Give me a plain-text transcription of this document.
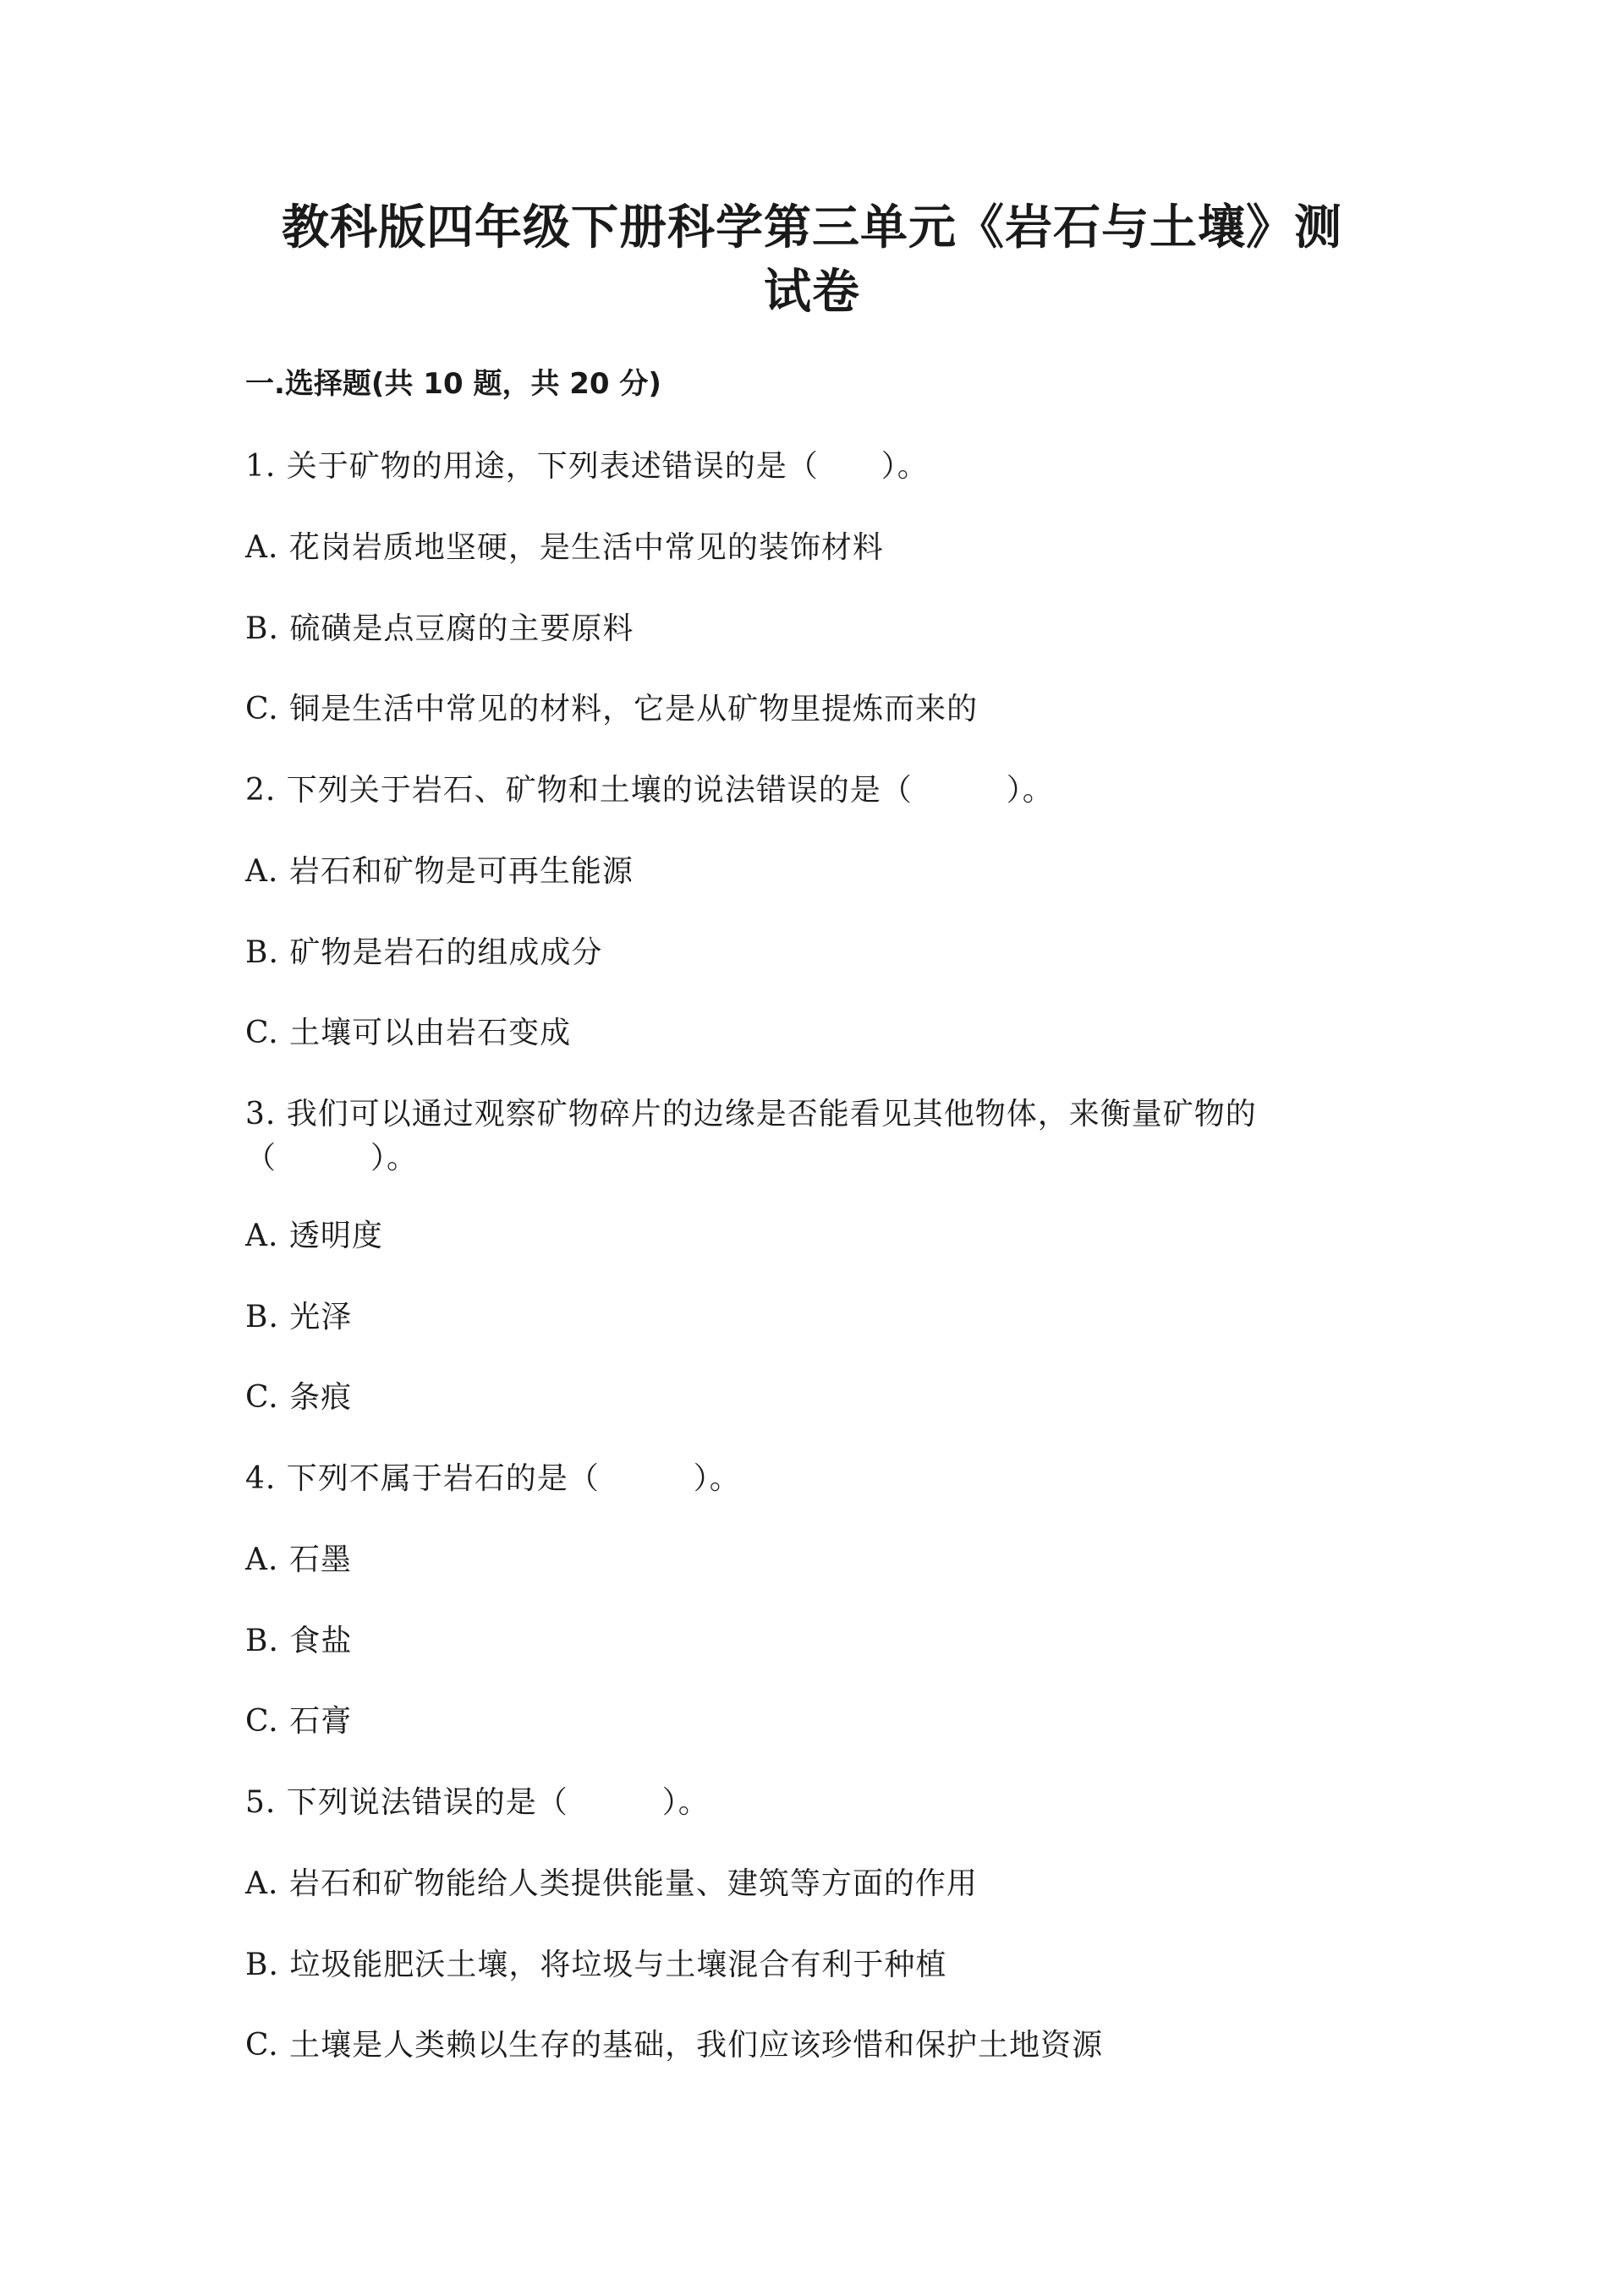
教科版四年级下册科学第三单元《岩石与土壤》测
试卷
一.选择题(共 10 题，共 20 分)
1. 关于矿物的用途，下列表述错误的是（　　）。
A. 花岗岩质地坚硬，是生活中常见的装饰材料
B. 硫磺是点豆腐的主要原料
C. 铜是生活中常见的材料，它是从矿物里提炼而来的
2. 下列关于岩石、矿物和土壤的说法错误的是（　　　）。
A. 岩石和矿物是可再生能源
B. 矿物是岩石的组成成分
C. 土壤可以由岩石变成
3. 我们可以通过观察矿物碎片的边缘是否能看见其他物体，来衡量矿物的
（　　　）。
A. 透明度
B. 光泽
C. 条痕
4. 下列不属于岩石的是（　　　）。
A. 石墨
B. 食盐
C. 石膏
5. 下列说法错误的是（　　　）。
A. 岩石和矿物能给人类提供能量、建筑等方面的作用
B. 垃圾能肥沃土壤，将垃圾与土壤混合有利于种植
C. 土壤是人类赖以生存的基础，我们应该珍惜和保护土地资源
